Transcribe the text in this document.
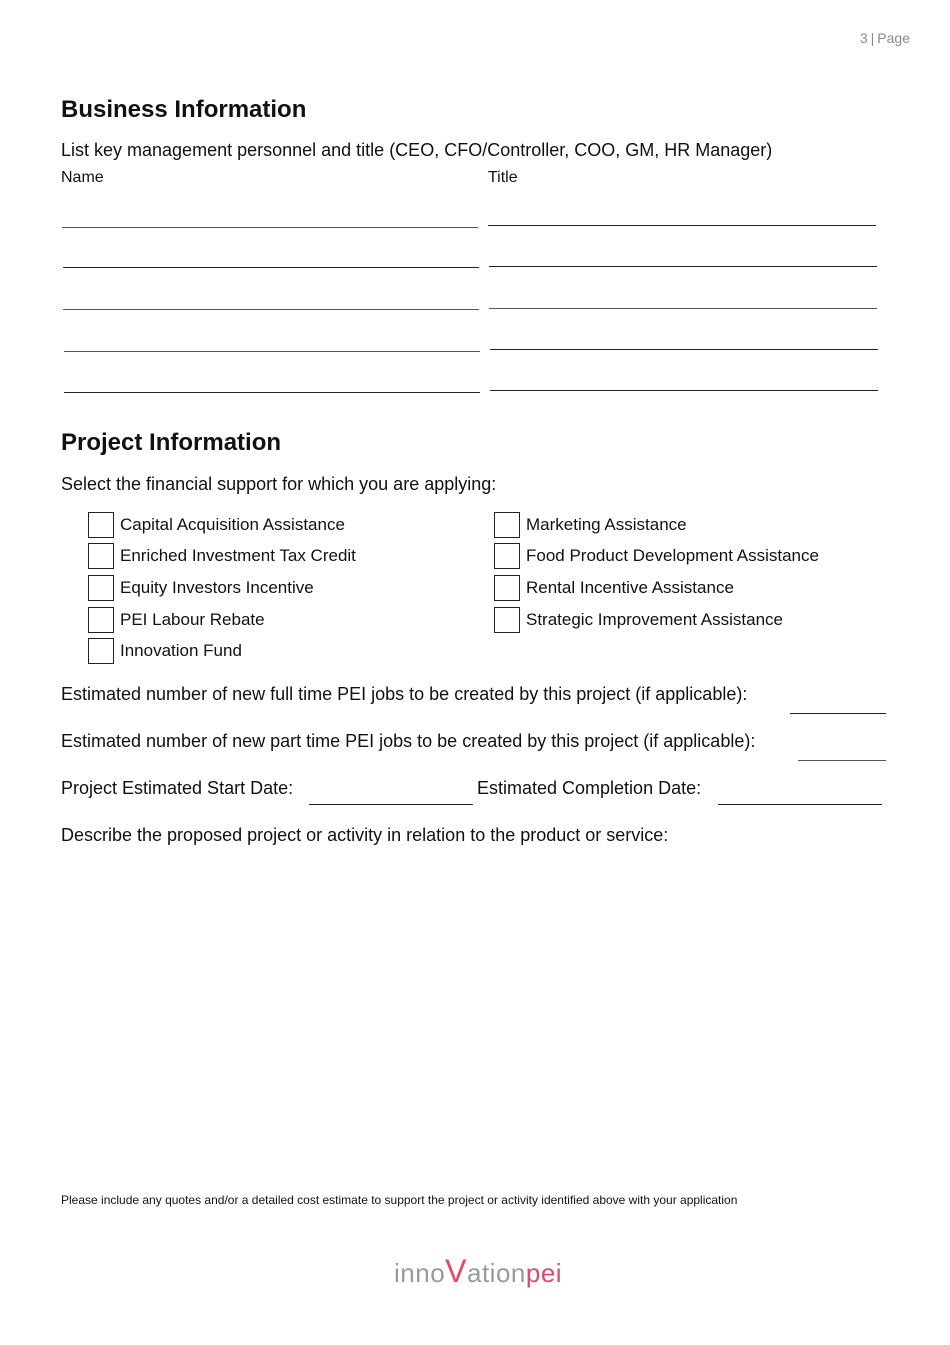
3 | Page
Business Information
List key management personnel and title (CEO, CFO/Controller, COO, GM, HR Manager)
Name	Title
Project Information
Select the financial support for which you are applying:
Capital Acquisition Assistance
Enriched Investment Tax Credit
Equity Investors Incentive
PEI Labour Rebate
Innovation Fund
Marketing Assistance
Food Product Development Assistance
Rental Incentive Assistance
Strategic Improvement Assistance
Estimated number of new full time PEI jobs to be created by this project (if applicable):
Estimated number of new part time PEI jobs to be created by this project (if applicable):
Project Estimated Start Date:	Estimated Completion Date:
Describe the proposed project or activity in relation to the product or service:
Please include any quotes and/or a detailed cost estimate to support the project or activity identified above with your application
innoVationpei
